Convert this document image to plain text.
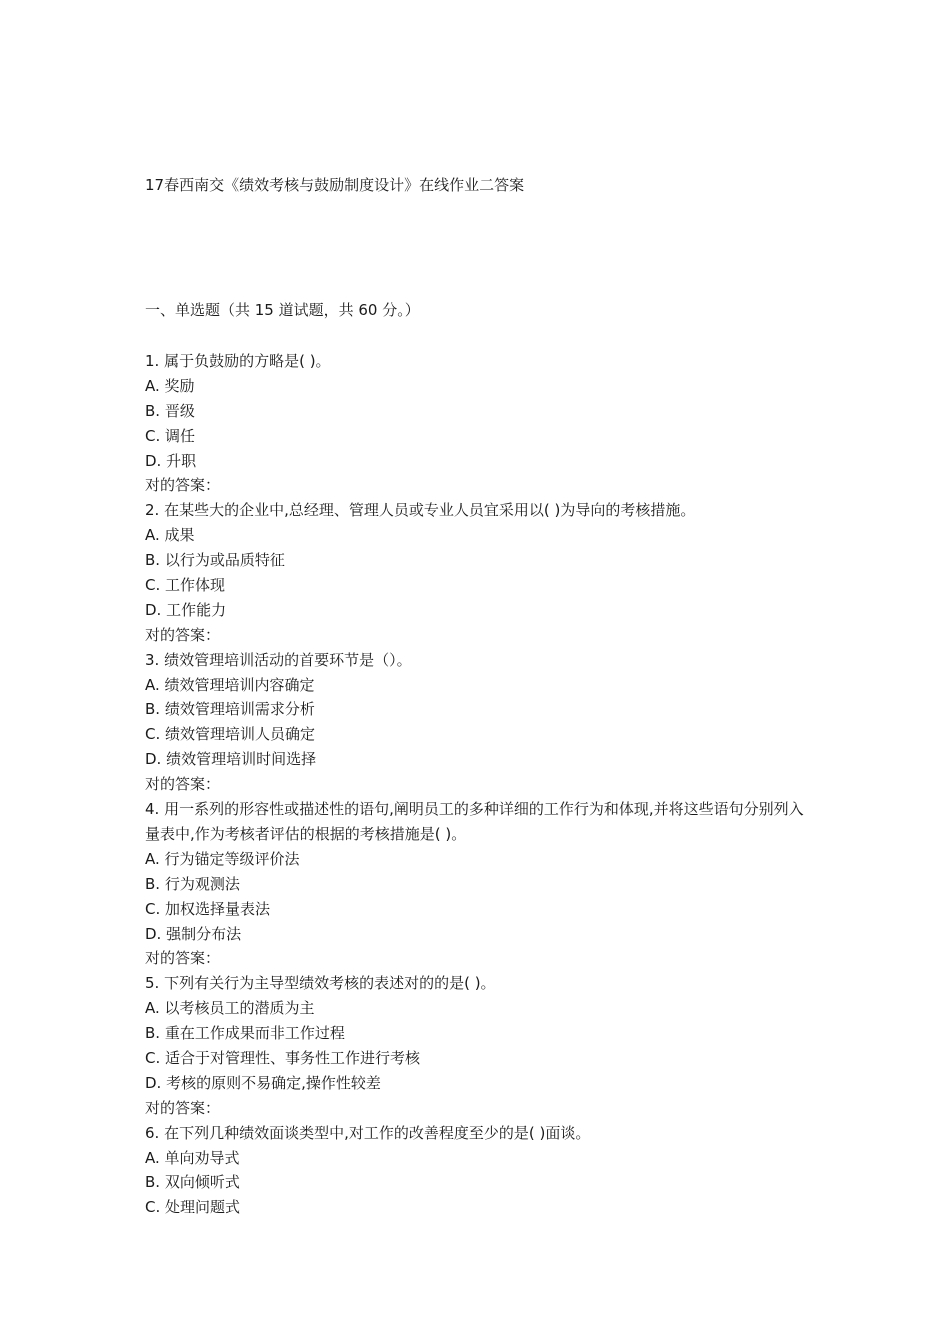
17春西南交《绩效考核与鼓励制度设计》在线作业二答案
一、单选题（共 15 道试题，共 60 分。）
1. 属于负鼓励的方略是( )。
A. 奖励
B. 晋级
C. 调任
D. 升职
对的答案：
2. 在某些大的企业中,总经理、管理人员或专业人员宜采用以( )为导向的考核措施。
A. 成果
B. 以行为或品质特征
C. 工作体现
D. 工作能力
对的答案：
3. 绩效管理培训活动的首要环节是（）。
A. 绩效管理培训内容确定
B. 绩效管理培训需求分析
C. 绩效管理培训人员确定
D. 绩效管理培训时间选择
对的答案：
4. 用一系列的形容性或描述性的语句,阐明员工的多种详细的工作行为和体现,并将这些语句分别列入量表中,作为考核者评估的根据的考核措施是( )。
A. 行为锚定等级评价法
B. 行为观测法
C. 加权选择量表法
D. 强制分布法
对的答案：
5. 下列有关行为主导型绩效考核的表述对的的是( )。
A. 以考核员工的潜质为主
B. 重在工作成果而非工作过程
C. 适合于对管理性、事务性工作进行考核
D. 考核的原则不易确定,操作性较差
对的答案：
6. 在下列几种绩效面谈类型中,对工作的改善程度至少的是( )面谈。
A. 单向劝导式
B. 双向倾听式
C. 处理问题式
